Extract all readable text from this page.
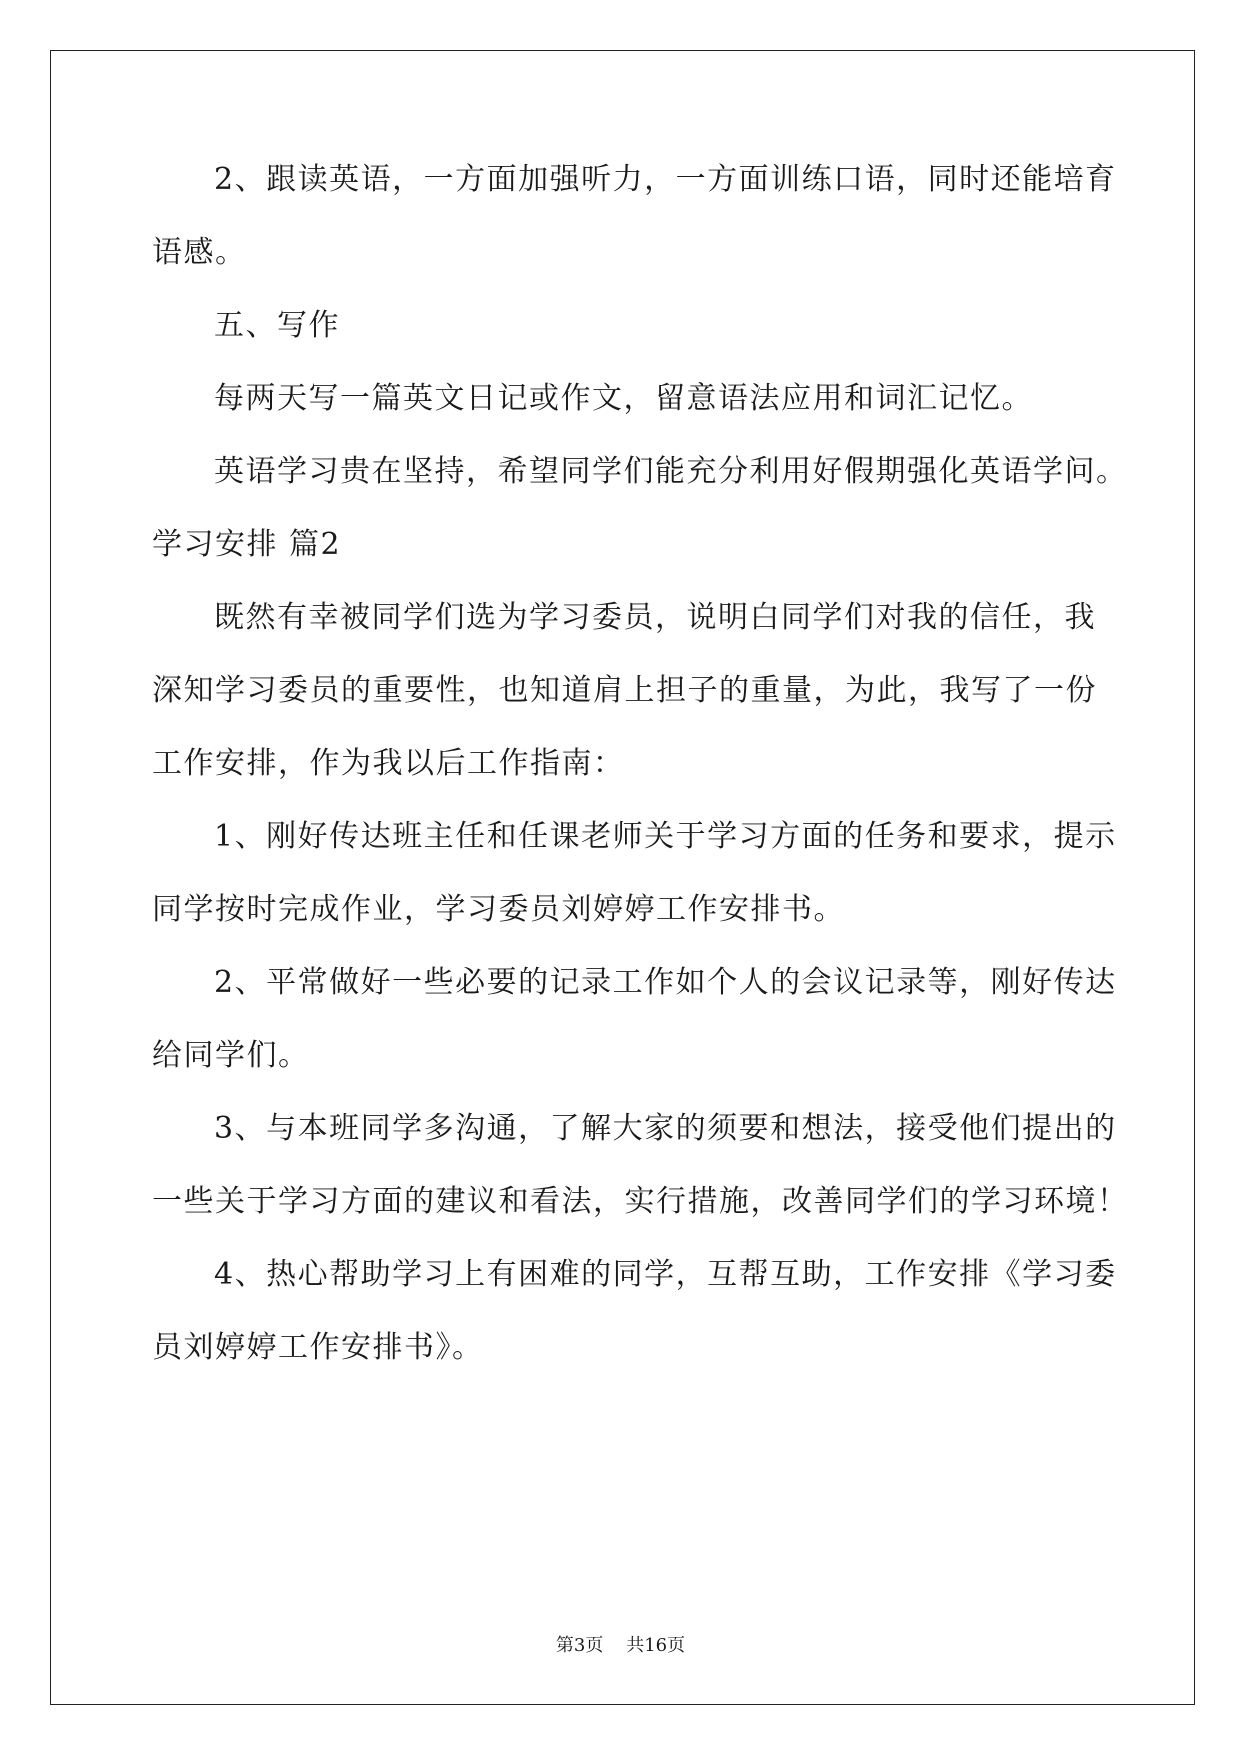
2、跟读英语，一方面加强听力，一方面训练口语，同时还能培育
语感。
五、写作
每两天写一篇英文日记或作文，留意语法应用和词汇记忆。
英语学习贵在坚持，希望同学们能充分利用好假期强化英语学问。
学习安排 篇2
既然有幸被同学们选为学习委员，说明白同学们对我的信任，我
深知学习委员的重要性，也知道肩上担子的重量，为此，我写了一份
工作安排，作为我以后工作指南：
1、刚好传达班主任和任课老师关于学习方面的任务和要求，提示
同学按时完成作业，学习委员刘婷婷工作安排书。
2、平常做好一些必要的记录工作如个人的会议记录等，刚好传达
给同学们。
3、与本班同学多沟通，了解大家的须要和想法，接受他们提出的
一些关于学习方面的建议和看法，实行措施，改善同学们的学习环境！
4、热心帮助学习上有困难的同学，互帮互助，工作安排《学习委
员刘婷婷工作安排书》。
第3页    共16页
